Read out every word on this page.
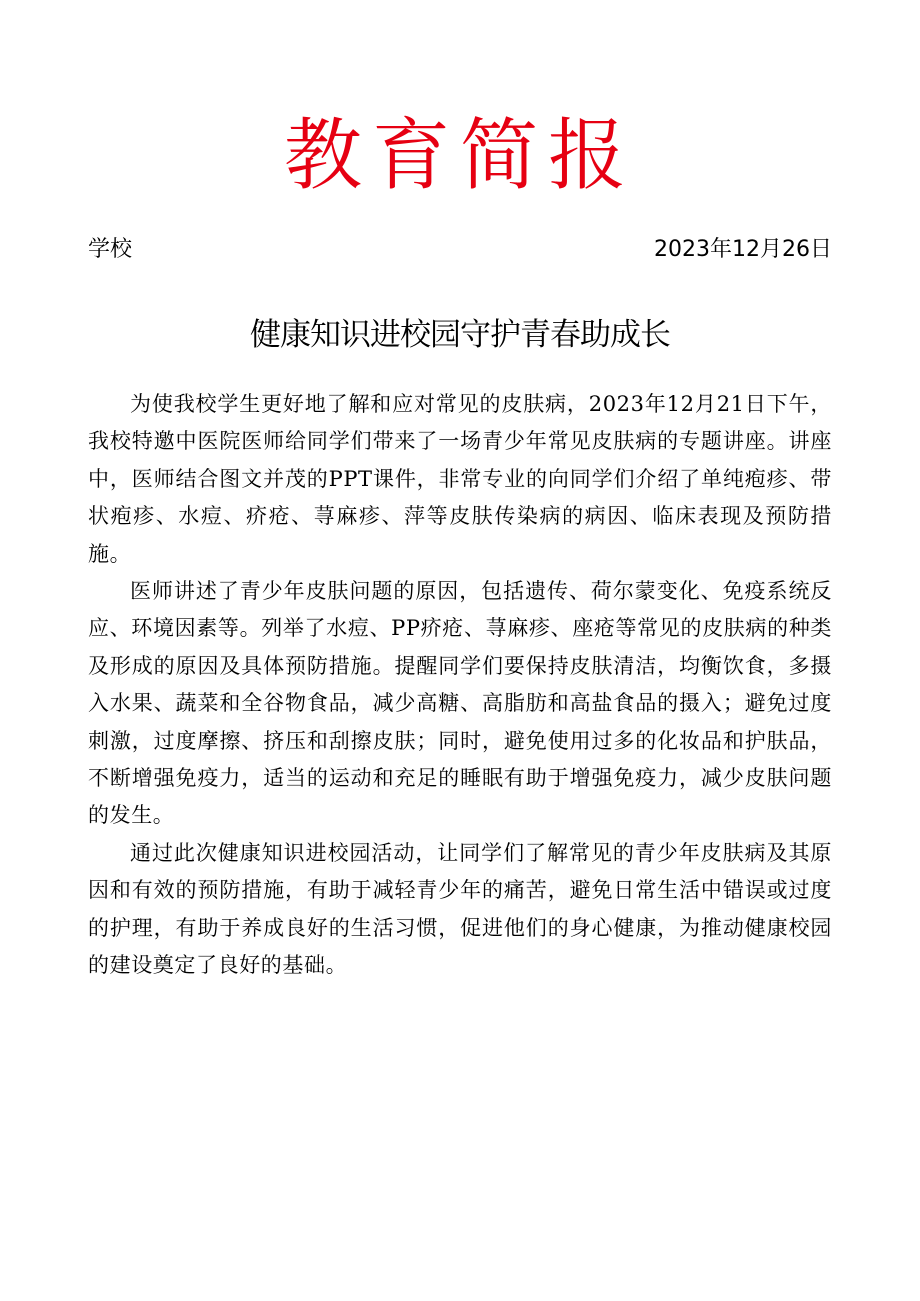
教育简报
学校	2023年12月26日
健康知识进校园守护青春助成长

为使我校学生更好地了解和应对常见的皮肤病，2023年12月21日下午，我校特邀中医院医师给同学们带来了一场青少年常见皮肤病的专题讲座。讲座中，医师结合图文并茂的PPT课件，非常专业的向同学们介绍了单纯疱疹、带状疱疹、水痘、疥疮、荨麻疹、萍等皮肤传染病的病因、临床表现及预防措施。

医师讲述了青少年皮肤问题的原因，包括遗传、荷尔蒙变化、免疫系统反应、环境因素等。列举了水痘、PP疥疮、荨麻疹、座疮等常见的皮肤病的种类及形成的原因及具体预防措施。提醒同学们要保持皮肤清洁，均衡饮食，多摄入水果、蔬菜和全谷物食品，减少高糖、高脂肪和高盐食品的摄入；避免过度刺激，过度摩擦、挤压和刮擦皮肤；同时，避免使用过多的化妆品和护肤品，不断增强免疫力，适当的运动和充足的睡眠有助于增强免疫力，减少皮肤问题的发生。

通过此次健康知识进校园活动，让同学们了解常见的青少年皮肤病及其原因和有效的预防措施，有助于减轻青少年的痛苦，避免日常生活中错误或过度的护理，有助于养成良好的生活习惯，促进他们的身心健康，为推动健康校园的建设奠定了良好的基础。
